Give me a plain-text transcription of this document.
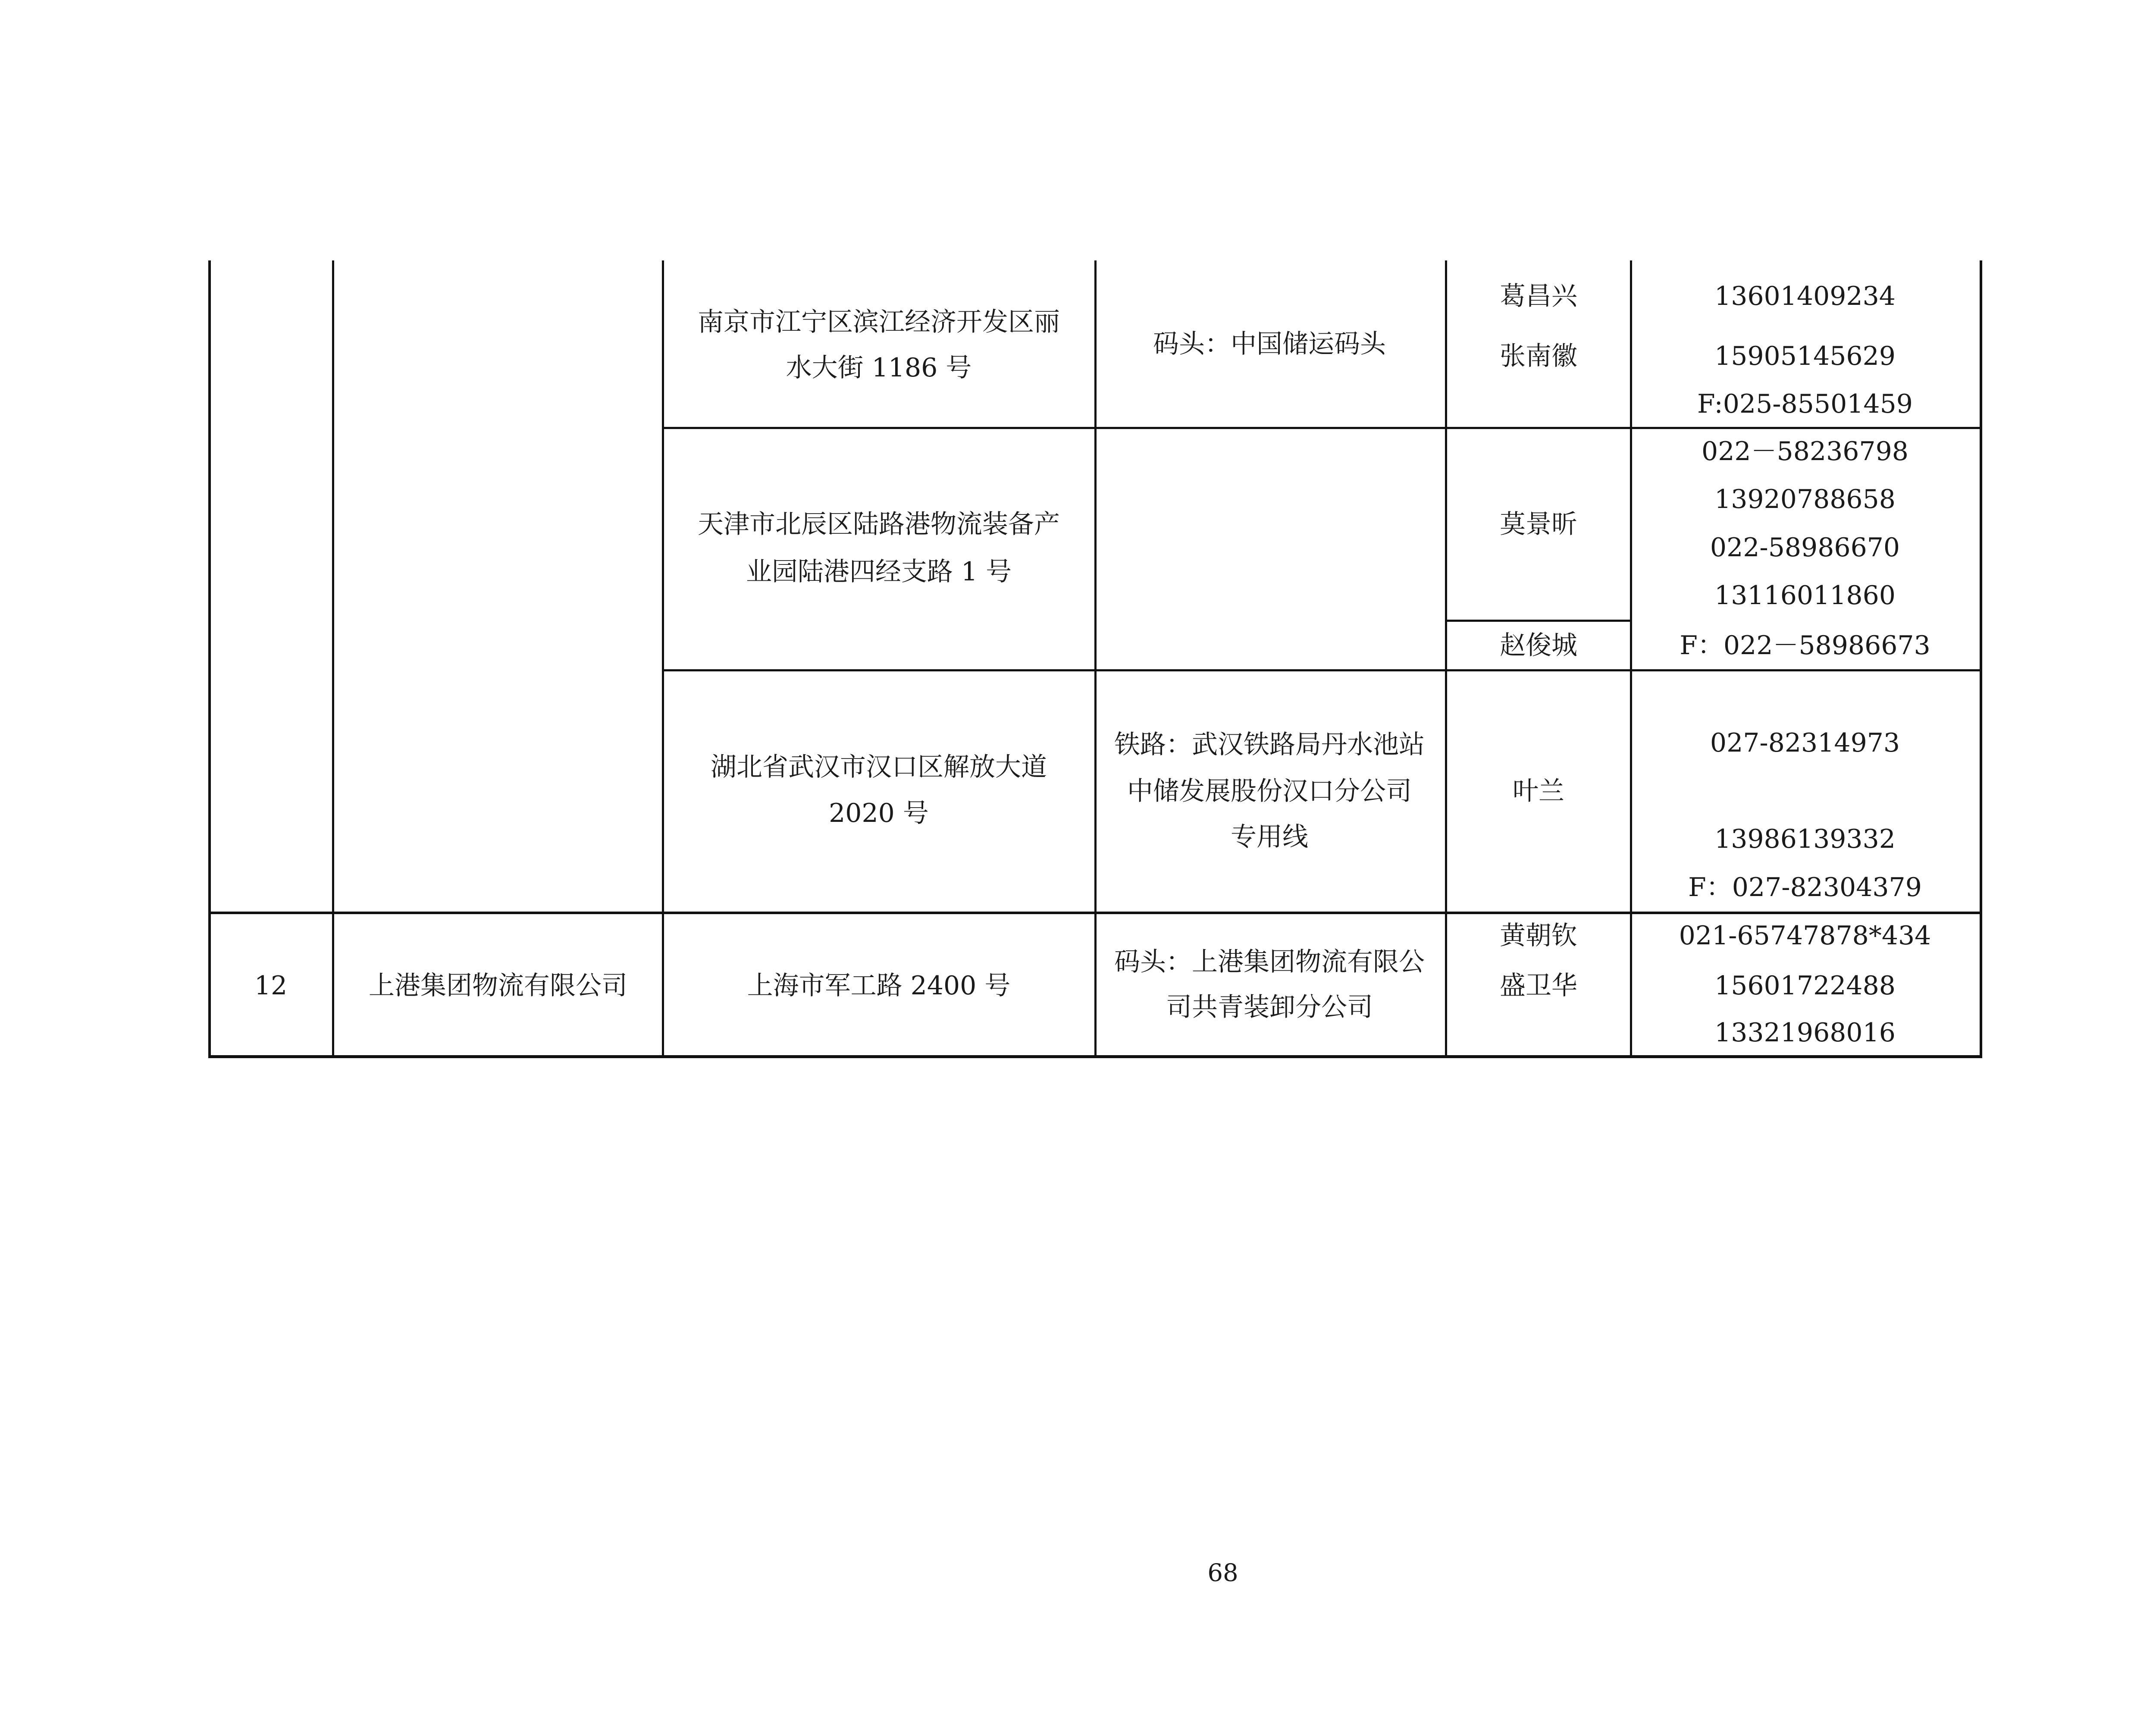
南京市江宁区滨江经济开发区丽
水大街 1186 号
码头：中国储运码头
葛昌兴
张南徽
13601409234
15905145629
F:025-85501459
天津市北辰区陆路港物流装备产
业园陆港四经支路 1 号
莫景昕
赵俊城
022－58236798
13920788658
022-58986670
13116011860
F：022－58986673
湖北省武汉市汉口区解放大道
2020 号
铁路：武汉铁路局丹水池站
中储发展股份汉口分公司
专用线
叶兰
027-82314973
13986139332
F：027-82304379
12	上港集团物流有限公司	上海市军工路 2400 号
码头：上港集团物流有限公
司共青装卸分公司
黄朝钦
盛卫华
021-65747878*434
15601722488
13321968016
68
